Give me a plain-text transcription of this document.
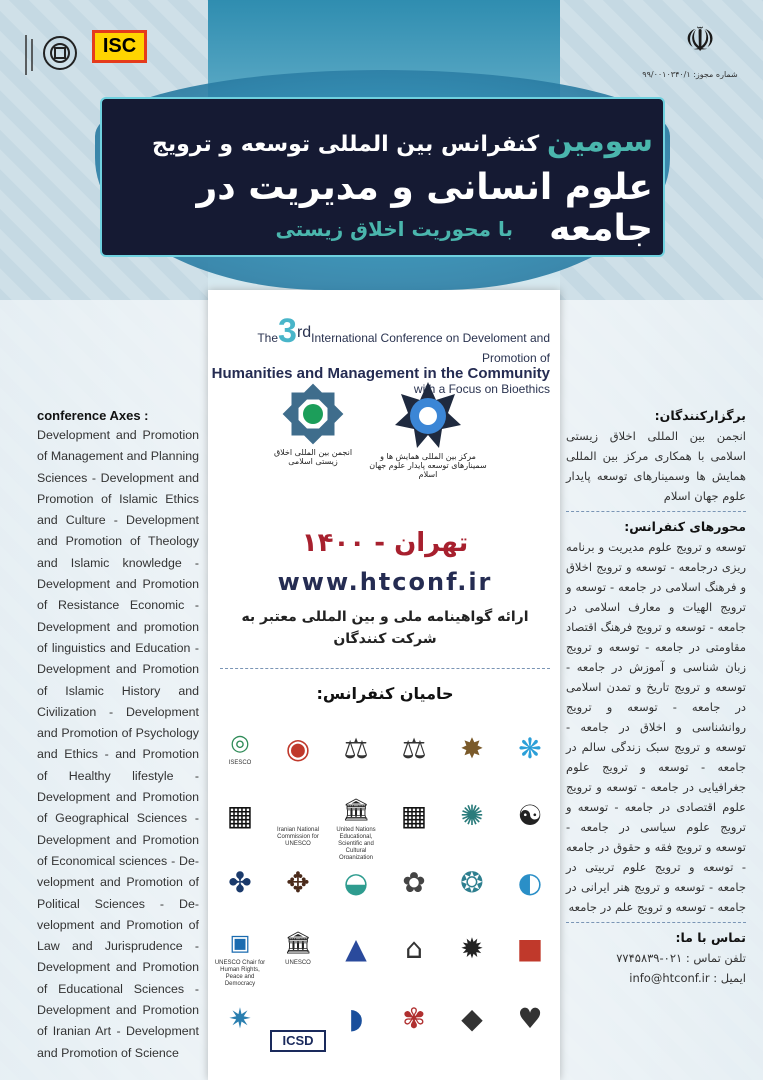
ISC	☫
شماره مجوز: ۹۹/۰۰۱۰۳۴۰/۱
سومین کنفرانس بین المللی توسعه و ترویج
علوم انسانی و مدیریت در جامعه
با محوریت اخلاق زیستی
The3rdInternational Conference on Develoment and Promotion of
Humanities and Management in the Community
with a Focus on Bioethics
انجمن بین المللی اخلاق زیستی اسلامی
مرکز بین المللی همایش ها و سمینارهای توسعه پایدار علوم جهان اسلام
تهران - ۱۴۰۰
www.htconf.ir
ارائه گواهینامه ملی و بین المللی معتبر به شرکت کنندگان
حامیان کنفرانس:
❋
✸
⚖
⚖
◉
◎
ISESCO
☯
✺
▦
🏛
United Nations Educational, Scientific and Cultural Organization
Iranian National Commission for UNESCO
▦
◐
❂
✿
◒
✥
✤
■
✹
⌂
▲
🏛
UNESCO
▣
UNESCO Chair for Human Rights, Peace and Democracy
♥
◆
✾
◗
ICSD
✷
conference Axes :

Development and Promotion of Management and Planning Sciences - Development and Promotion of Islamic Ethics and Culture - Development and Promotion of Theology and Islamic knowledge - Development and Promotion of Resistance Economic - Development and promotion of linguistics and Education - Development and Promotion of Islamic History and Civilization - Development and Promotion of Psychology and Ethics - and Promotion of Healthy lifestyle - Development and Promotion of Geographical Sciences - Development and Promotion of Economical sciences - Development and Promotion of Political Sciences - Development and Promotion of Law and Jurisprudence - Development and Promotion of Educational Sciences - Development and Promotion of Iranian Art - Development and Promotion of Science

برگزارکنندگان:

انجمن بین المللی اخلاق زیستی اسلامی با همکاری مرکز بین المللی همایش ها وسمینارهای توسعه پایدار علوم جهان اسلام

محورهای کنفرانس:

توسعه و ترویج علوم مدیریت و برنامه ریزی درجامعه - توسعه و ترویج اخلاق و فرهنگ اسلامی در جامعه - توسعه و ترویج الهیات و معارف اسلامی در جامعه - توسعه و ترویج فرهنگ اقتصاد مقاومتی در جامعه - توسعه و ترویج زبان شناسی و آموزش در جامعه - توسعه و ترویج تاریخ و تمدن اسلامی در جامعه - توسعه و ترویج روانشناسی و اخلاق در جامعه - توسعه و ترویج سبک زندگی سالم در جامعه - توسعه و ترویج علوم جغرافیایی در جامعه - توسعه و ترویج علوم اقتصادی در جامعه - توسعه و ترویج علوم سیاسی در جامعه - توسعه و ترویج فقه و حقوق در جامعه - توسعه و ترویج علوم تربیتی در جامعه - توسعه و ترویج هنر ایرانی در جامعه - توسعه و ترویج علم در جامعه

تماس با ما:

تلفن تماس : ۰۲۱-۷۷۴۵۸۳۹

ایمیل : info@htconf.ir
